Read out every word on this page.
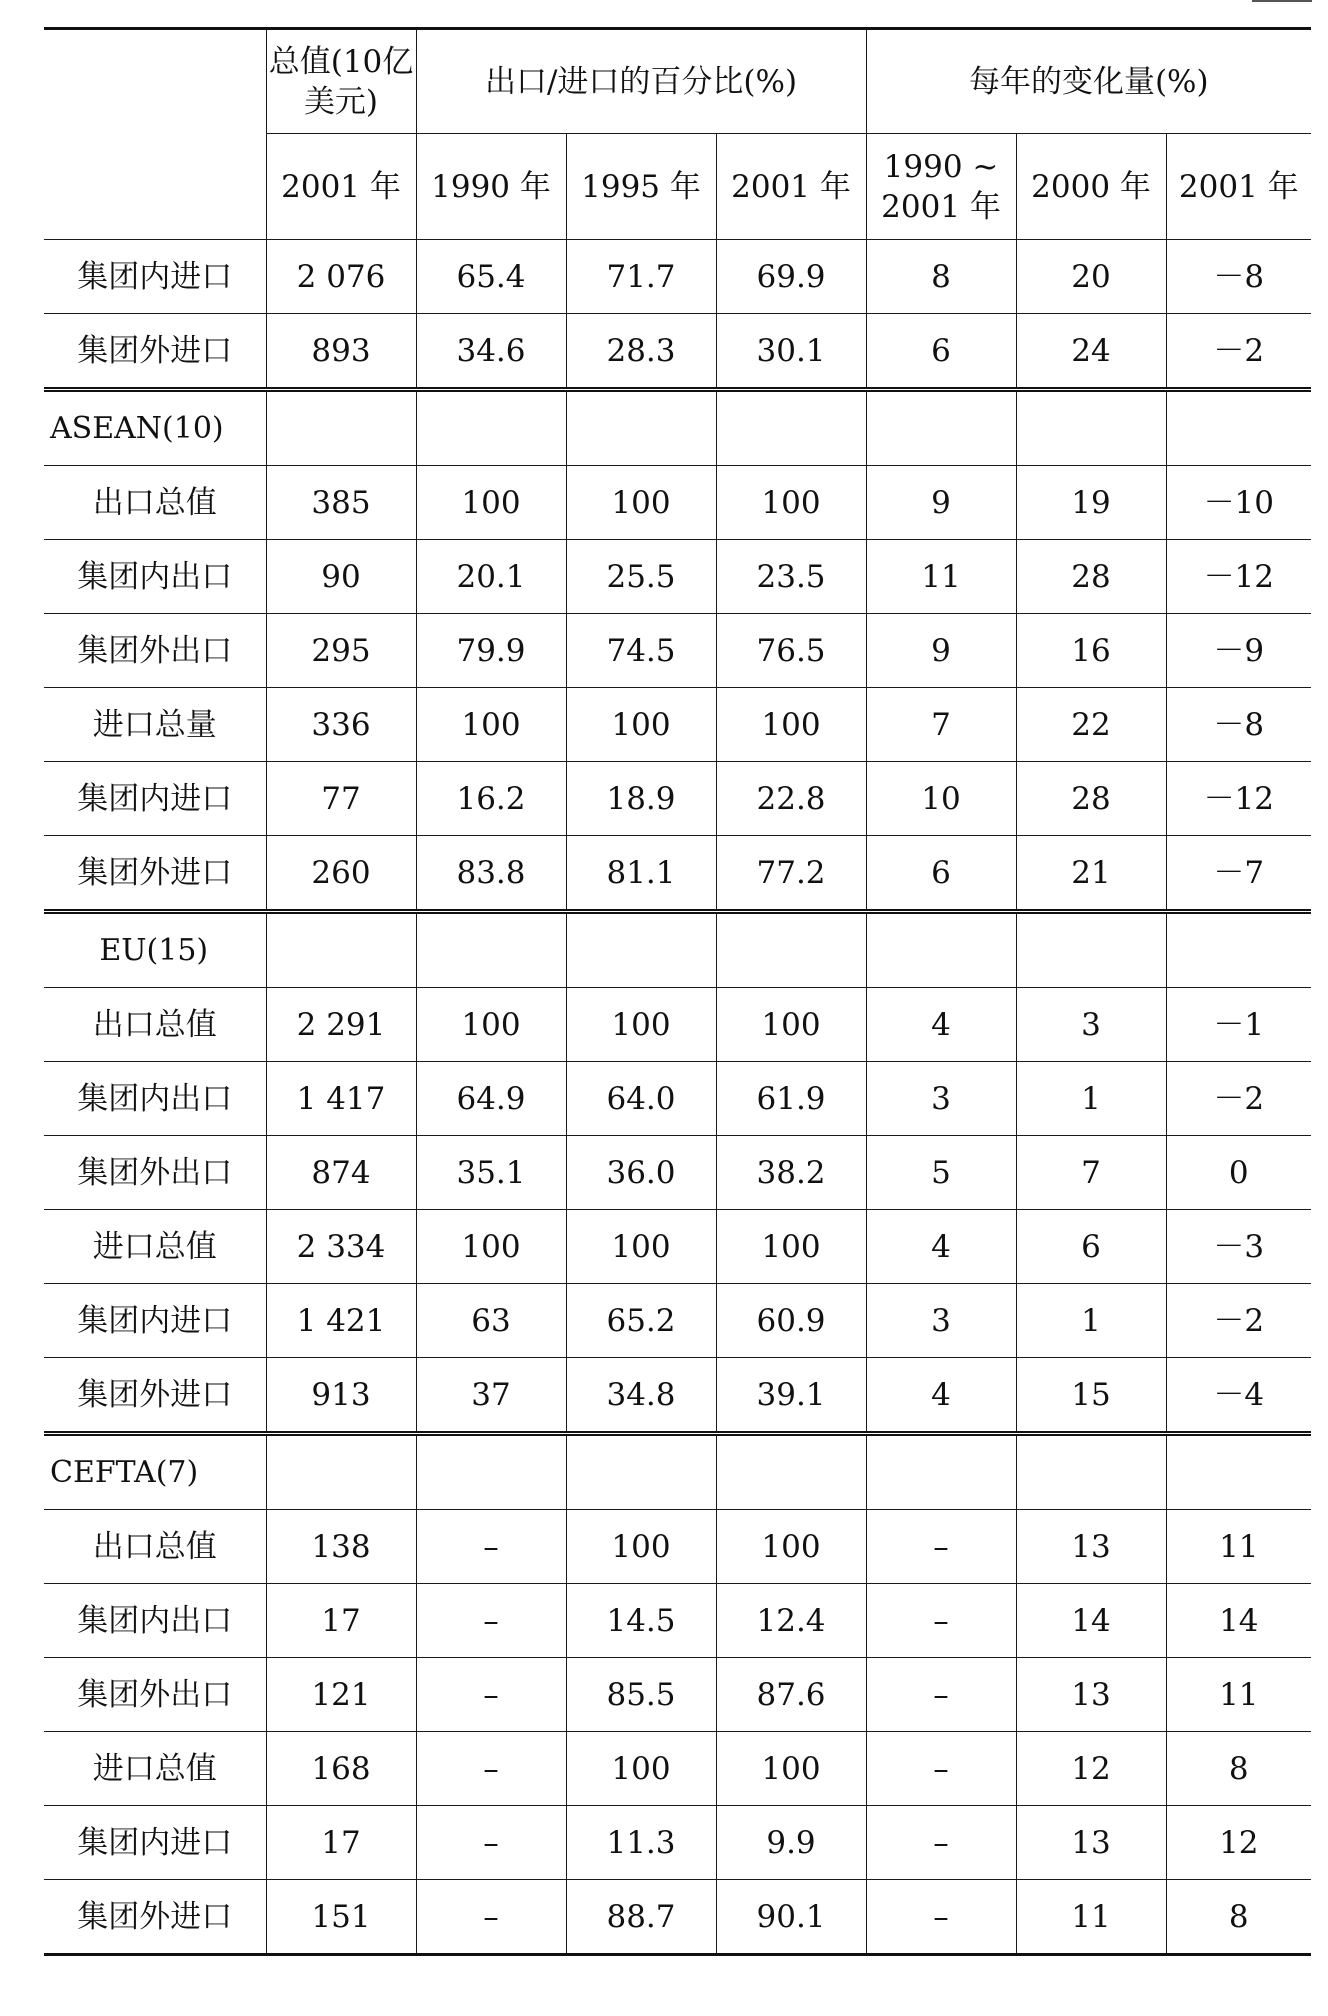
	总值(10亿美元)	出口/进口的百分比(%)			每年的变化量(%)		
	2001 年	1990 年	1995 年	2001 年	1990 ~ 2001 年	2000 年	2001 年
集团内进口	2 076	65.4	71.7	69.9	8	20	－8
集团外进口	893	34.6	28.3	30.1	6	24	－2
ASEAN(10)							
出口总值	385	100	100	100	9	19	－10
集团内出口	90	20.1	25.5	23.5	11	28	－12
集团外出口	295	79.9	74.5	76.5	9	16	－9
进口总量	336	100	100	100	7	22	－8
集团内进口	77	16.2	18.9	22.8	10	28	－12
集团外进口	260	83.8	81.1	77.2	6	21	－7
EU(15)							
出口总值	2 291	100	100	100	4	3	－1
集团内出口	1 417	64.9	64.0	61.9	3	1	－2
集团外出口	874	35.1	36.0	38.2	5	7	0
进口总值	2 334	100	100	100	4	6	－3
集团内进口	1 421	63	65.2	60.9	3	1	－2
集团外进口	913	37	34.8	39.1	4	15	－4
CEFTA(7)							
出口总值	138	–	100	100	–	13	11
集团内出口	17	–	14.5	12.4	–	14	14
集团外出口	121	–	85.5	87.6	–	13	11
进口总值	168	–	100	100	–	12	8
集团内进口	17	–	11.3	9.9	–	13	12
集团外进口	151	–	88.7	90.1	–	11	8
